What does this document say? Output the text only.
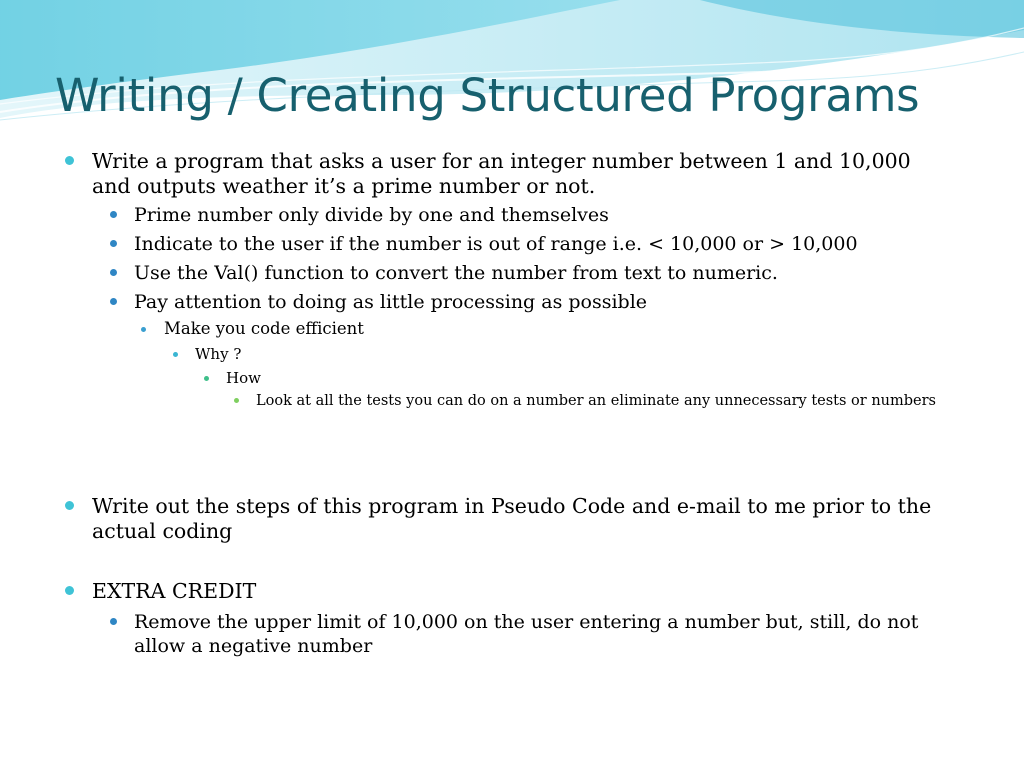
Writing / Creating Structured Programs
Write a program that asks a user for an integer number between 1 and 10,000 and outputs weather it’s a prime number or not.
Prime number only divide by one and themselves
Indicate to the user if the number is out of range i.e. < 10,000 or > 10,000
Use the Val() function to convert the number from text to numeric.
Pay attention to doing as little processing as possible
Make you code efficient
Why ?
How
Look at all the tests you can do on a number an eliminate any unnecessary tests or numbers
Write out the steps of this program in Pseudo Code and e-mail to me prior to the actual coding
EXTRA CREDIT
Remove the upper limit of 10,000 on the user entering a number but, still, do not allow a negative number
